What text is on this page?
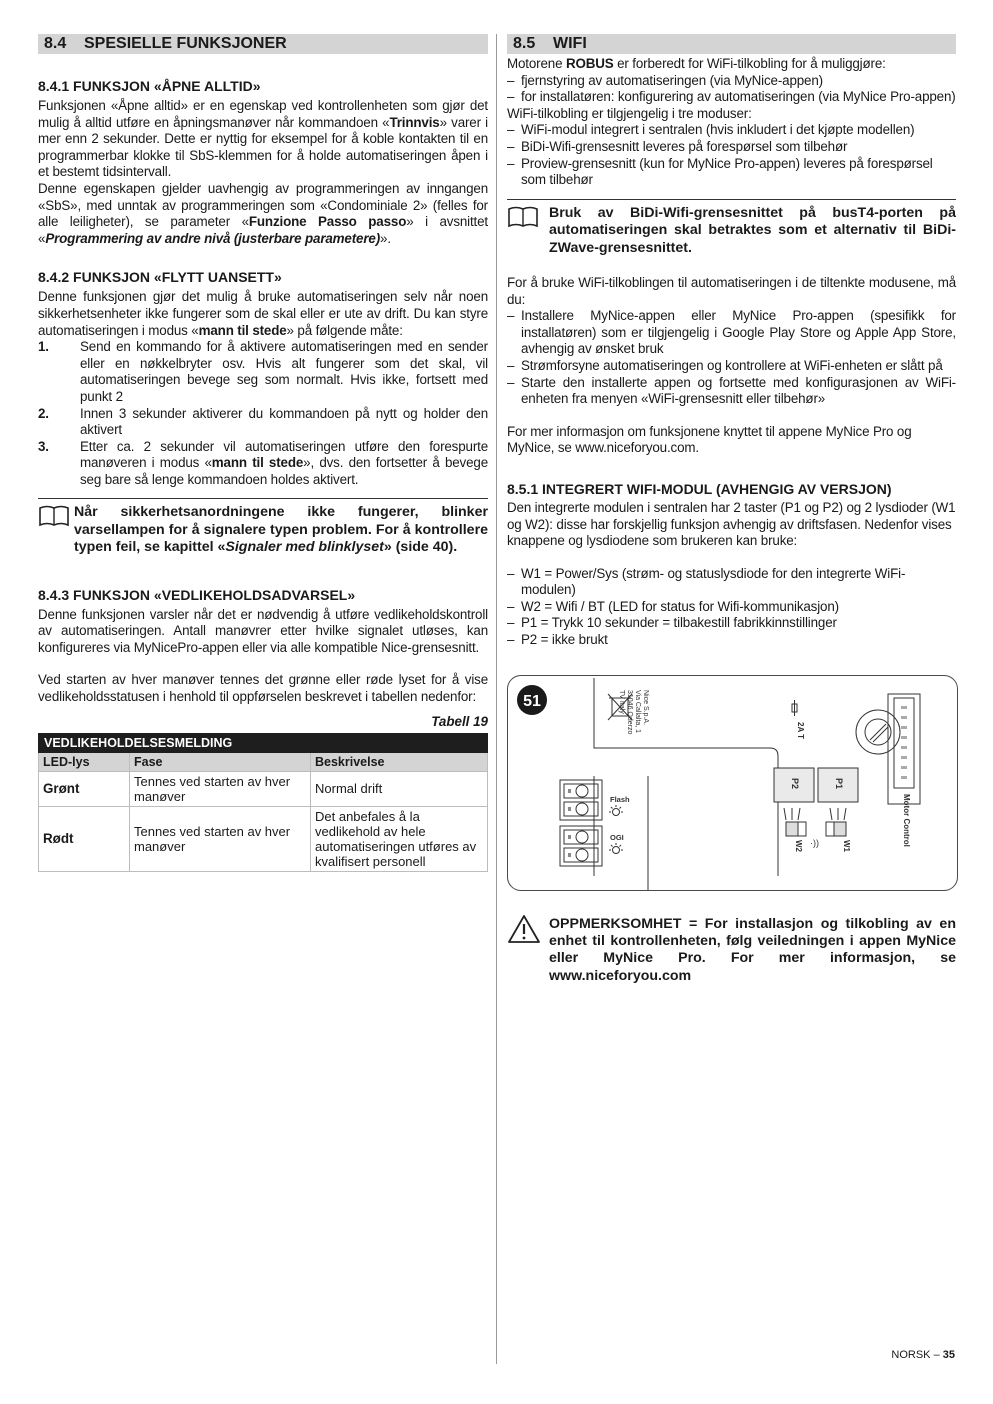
8.4 SPESIELLE FUNKSJONER
8.4.1 FUNKSJON «ÅPNE ALLTID»

Funksjonen «Åpne alltid» er en egenskap ved kontrollenheten som gjør det mulig å alltid utføre en åpningsmanøver når kommandoen «Trinnvis» varer i mer enn 2 sekunder. Dette er nyttig for eksempel for å koble kontakten til en programmerbar klokke til SbS-klemmen for å holde automatiseringen åpen i et bestemt tidsintervall.

Denne egenskapen gjelder uavhengig av programmeringen av inngangen «SbS», med unntak av programmeringen som «Condominiale 2» (felles for alle leiligheter), se parameter «Funzione Passo passo» i avsnittet «Programmering av andre nivå (justerbare parametere)».

8.4.2 FUNKSJON «FLYTT UANSETT»

Denne funksjonen gjør det mulig å bruke automatiseringen selv når noen sikkerhetsenheter ikke fungerer som de skal eller er ute av drift. Du kan styre automatiseringen i modus «mann til stede» på følgende måte:

1. Send en kommando for å aktivere automatiseringen med en sender eller en nøkkelbryter osv. Hvis alt fungerer som det skal, vil automatiseringen bevege seg som normalt. Hvis ikke, fortsett med punkt 2
2. Innen 3 sekunder aktiverer du kommandoen på nytt og holder den aktivert
3. Etter ca. 2 sekunder vil automatiseringen utføre den forespurte manøveren i modus «mann til stede», dvs. den fortsetter å bevege seg bare så lenge kommandoen holdes aktivert.
Når sikkerhetsanordningene ikke fungerer, blinker varsellampen for å signalere typen problem. For å kontrollere typen feil, se kapittel «Signaler med blinklyset» (side 40).
8.4.3 FUNKSJON «VEDLIKEHOLDSADVARSEL»

Denne funksjonen varsler når det er nødvendig å utføre vedlikeholdskontroll av automatiseringen. Antall manøvrer etter hvilke signalet utløses, kan konfigureres via MyNicePro-appen eller via alle kompatible Nice-grensesnitt.

Ved starten av hver manøver tennes det grønne eller røde lyset for å vise vedlikeholdsstatusen i henhold til oppførselen beskrevet i tabellen nedenfor:

Tabell 19
VEDLIKEHOLDELSESMELDING		
LED-lys	Fase	Beskrivelse
Grønt	Tennes ved starten av hver manøver	Normal drift
Rødt	Tennes ved starten av hver manøver	Det anbefales å la vedlikehold av hele automatiseringen utføres av kvalifisert personell
8.5 WIFI

Motorene ROBUS er forberedt for WiFi-tilkobling for å muliggjøre:

– fjernstyring av automatiseringen (via MyNice-appen)
– for installatøren: konfigurering av automatiseringen (via MyNice Pro-appen)

WiFi-tilkobling er tilgjengelig i tre moduser:

– WiFi-modul integrert i sentralen (hvis inkludert i det kjøpte modellen)
– BiDi-Wifi-grensesnitt leveres på forespørsel som tilbehør
– Proview-grensesnitt (kun for MyNice Pro-appen) leveres på forespørsel som tilbehør
Bruk av BiDi-Wifi-grensesnittet på busT4-porten på automatiseringen skal betraktes som et alternativ til BiDi-ZWave-grensesnittet.

For å bruke WiFi-tilkoblingen til automatiseringen i de tiltenkte modusene, må du:

– Installere MyNice-appen eller MyNice Pro-appen (spesifikk for installatøren) som er tilgjengelig i Google Play Store og Apple App Store, avhengig av ønsket bruk
– Strømforsyne automatiseringen og kontrollere at WiFi-enheten er slått på
– Starte den installerte appen og fortsette med konfigurasjonen av WiFi-enheten fra menyen «WiFi-grensesnitt eller tilbehør»

For mer informasjon om funksjonene knyttet til appene MyNice Pro og MyNice, se www.niceforyou.com.

8.5.1 INTEGRERT WIFI-MODUL (AVHENGIG AV VERSJON)

Den integrerte modulen i sentralen har 2 taster (P1 og P2) og 2 lysdioder (W1 og W2): disse har forskjellig funksjon avhengig av driftsfasen. Nedenfor vises knappene og lysdiodene som brukeren kan bruke:

– W1 = Power/Sys (strøm- og statuslysdiode for den integrerte WiFi-modulen)
– W2 = Wifi / BT (LED for status for Wifi-kommunikasjon)
– P1 = Trykk 10 sekunder = tilbakestill fabrikkinnstillinger
– P2 = ikke brukt
51	Nice S.p.A.
Via Callalta, 1
31046 Oderzo
TV Italy
2A T
Motor Control
P2	P1
W2	W1
·))
Flash
OGI
OPPMERKSOMHET = For installasjon og tilkobling av en enhet til kontrollenheten, følg veiledningen i appen MyNice eller MyNice Pro. For mer informasjon, se www.niceforyou.com
NORSK – 35
